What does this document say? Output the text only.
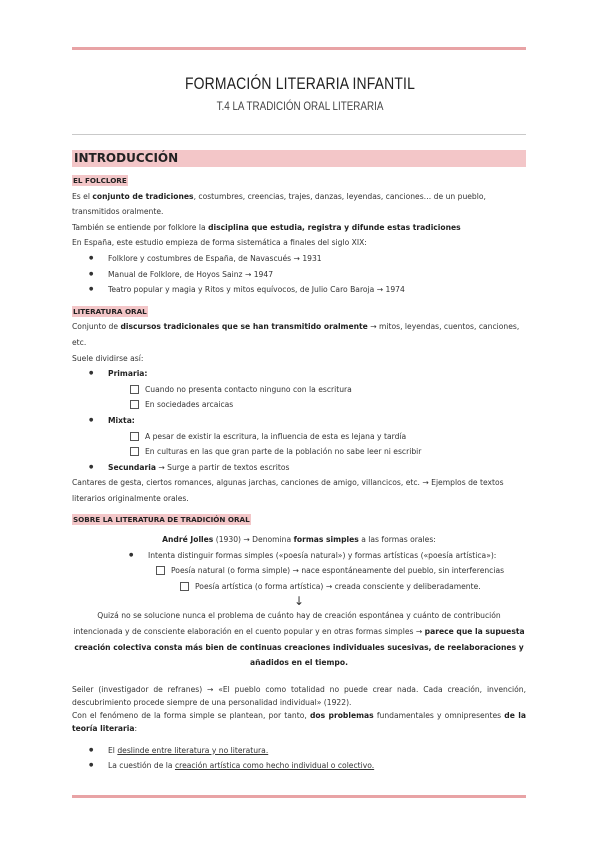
FORMACIÓN LITERARIA INFANTIL
T.4 LA TRADICIÓN ORAL LITERARIA
INTRODUCCIÓN
EL FOLCLORE

Es el conjunto de tradiciones, costumbres, creencias, trajes, danzas, leyendas, canciones… de un pueblo, transmitidos oralmente.

También se entiende por folklore la disciplina que estudia, registra y difunde estas tradiciones

En España, este estudio empieza de forma sistemática a finales del siglo XIX:

● Folklore y costumbres de España, de Navascués → 1931
● Manual de Folklore, de Hoyos Sainz → 1947
● Teatro popular y magia y Ritos y mitos equívocos, de Julio Caro Baroja → 1974
LITERATURA ORAL

Conjunto de discursos tradicionales que se han transmitido oralmente → mitos, leyendas, cuentos, canciones, etc.

Suele dividirse así:

● Primaria:
Cuando no presenta contacto ninguno con la escritura
En sociedades arcaicas
● Mixta:
A pesar de existir la escritura, la influencia de esta es lejana y tardía
En culturas en las que gran parte de la población no sabe leer ni escribir
● Secundaria → Surge a partir de textos escritos

Cantares de gesta, ciertos romances, algunas jarchas, canciones de amigo, villancicos, etc. → Ejemplos de textos literarios originalmente orales.

SOBRE LA LITERATURA DE TRADICIÓN ORAL

André Jolles (1930) → Denomina formas simples a las formas orales:

● Intenta distinguir formas simples («poesía natural») y formas artísticas («poesía artística»):
Poesía natural (o forma simple) → nace espontáneamente del pueblo, sin interferencias
Poesía artística (o forma artística) → creada consciente y deliberadamente.
↓

Quizá no se solucione nunca el problema de cuánto hay de creación espontánea y cuánto de contribución intencionada y de consciente elaboración en el cuento popular y en otras formas simples → parece que la supuesta creación colectiva consta más bien de continuas creaciones individuales sucesivas, de reelaboraciones y añadidos en el tiempo.

Seiler (investigador de refranes) → «El pueblo como totalidad no puede crear nada. Cada creación, invención, descubrimiento procede siempre de una personalidad individual» (1922).

Con el fenómeno de la forma simple se plantean, por tanto, dos problemas fundamentales y omnipresentes de la teoría literaria:

● El deslinde entre literatura y no literatura.
● La cuestión de la creación artística como hecho individual o colectivo.
